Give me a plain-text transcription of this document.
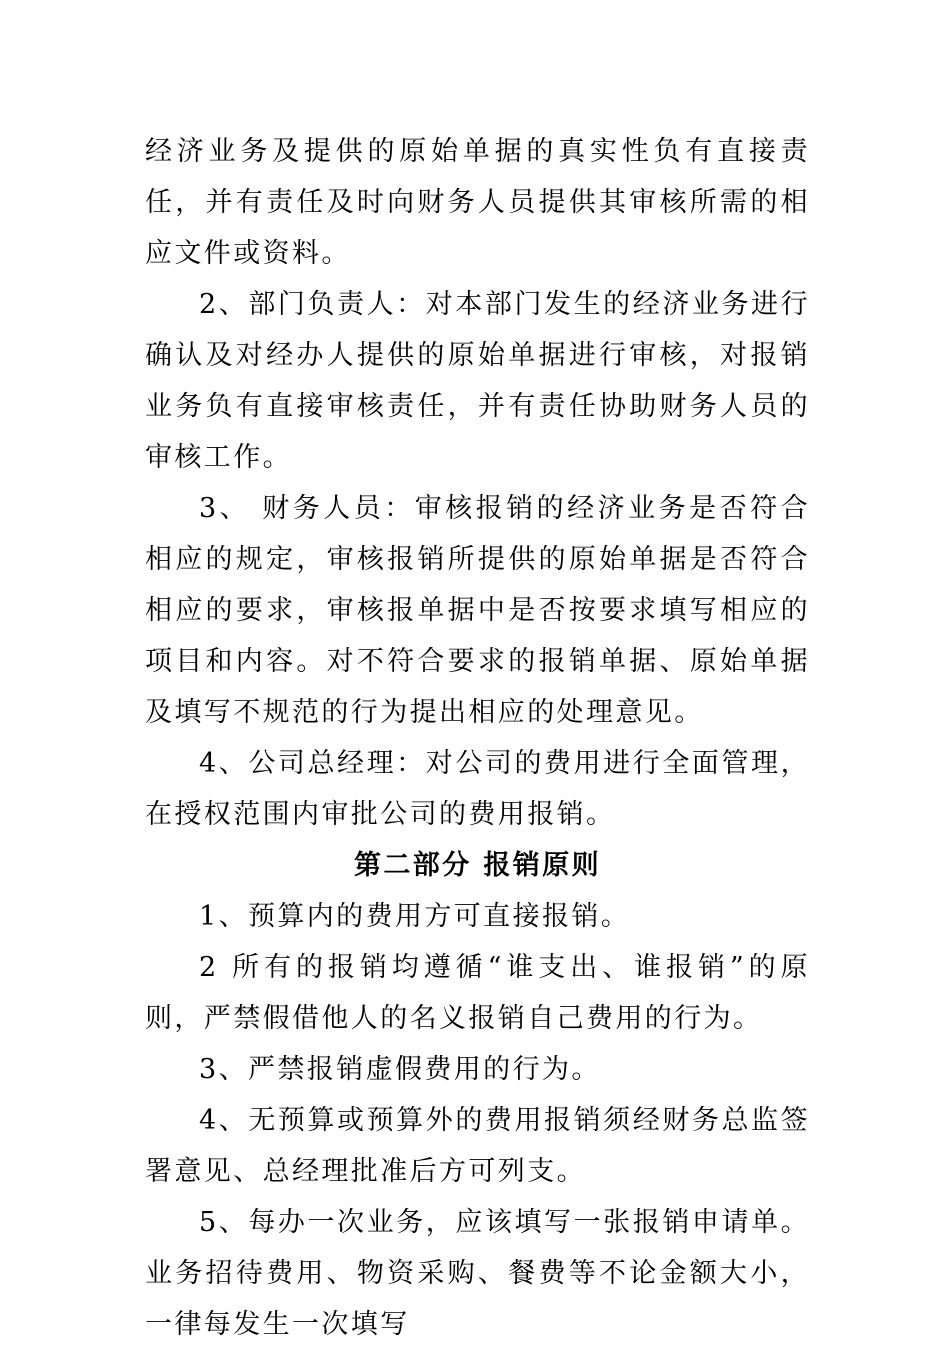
经济业务及提供的原始单据的真实性负有直接责任，并有责任及时向财务人员提供其审核所需的相应文件或资料。

2、部门负责人：对本部门发生的经济业务进行确认及对经办人提供的原始单据进行审核，对报销业务负有直接审核责任，并有责任协助财务人员的审核工作。

3、 财务人员：审核报销的经济业务是否符合相应的规定，审核报销所提供的原始单据是否符合相应的要求，审核报单据中是否按要求填写相应的项目和内容。对不符合要求的报销单据、原始单据及填写不规范的行为提出相应的处理意见。

4、公司总经理：对公司的费用进行全面管理，在授权范围内审批公司的费用报销。

第二部分 报销原则

1、预算内的费用方可直接报销。

2 所有的报销均遵循“谁支出、谁报销”的原则，严禁假借他人的名义报销自己费用的行为。

3、严禁报销虚假费用的行为。

4、无预算或预算外的费用报销须经财务总监签署意见、总经理批准后方可列支。

5、每办一次业务，应该填写一张报销申请单。业务招待费用、物资采购、餐费等不论金额大小，一律每发生一次填写
